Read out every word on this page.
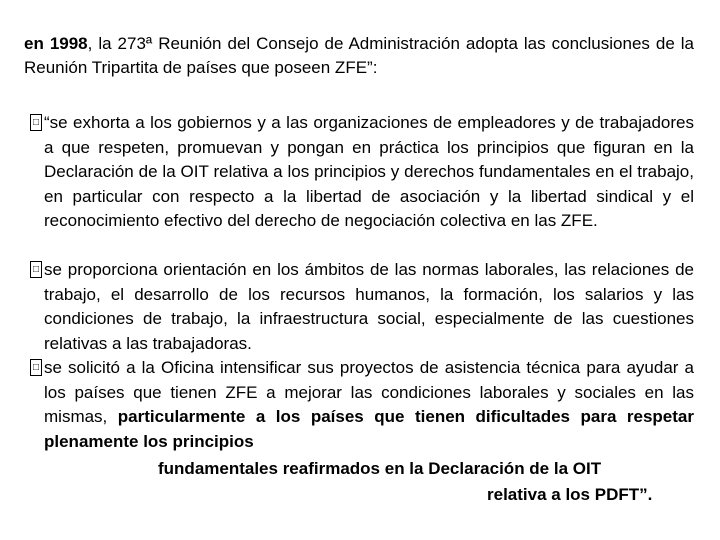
en 1998, la 273ª Reunión del Consejo de Administración adopta las conclusiones de la Reunión Tripartita de países que poseen ZFE”:

□ “se exhorta a los gobiernos y a las organizaciones de empleadores y de trabajadores a que respeten, promuevan y pongan en práctica los principios que figuran en la Declaración de la OIT relativa a los principios y derechos fundamentales en el trabajo, en particular con respecto a la libertad de asociación y la libertad sindical y el reconocimiento efectivo del derecho de negociación colectiva en las ZFE.

□ se proporciona orientación en los ámbitos de las normas laborales, las relaciones de trabajo, el desarrollo de los recursos humanos, la formación, los salarios y las condiciones de trabajo, la infraestructura social, especialmente de las cuestiones relativas a las trabajadoras.

□ se solicitó a la Oficina intensificar sus proyectos de asistencia técnica para ayudar a los países que tienen ZFE a mejorar las condiciones laborales y sociales en las mismas, particularmente a los países que tienen dificultades para respetar plenamente los principios

fundamentales reafirmados en la Declaración de la OIT

relativa a los PDFT”.
